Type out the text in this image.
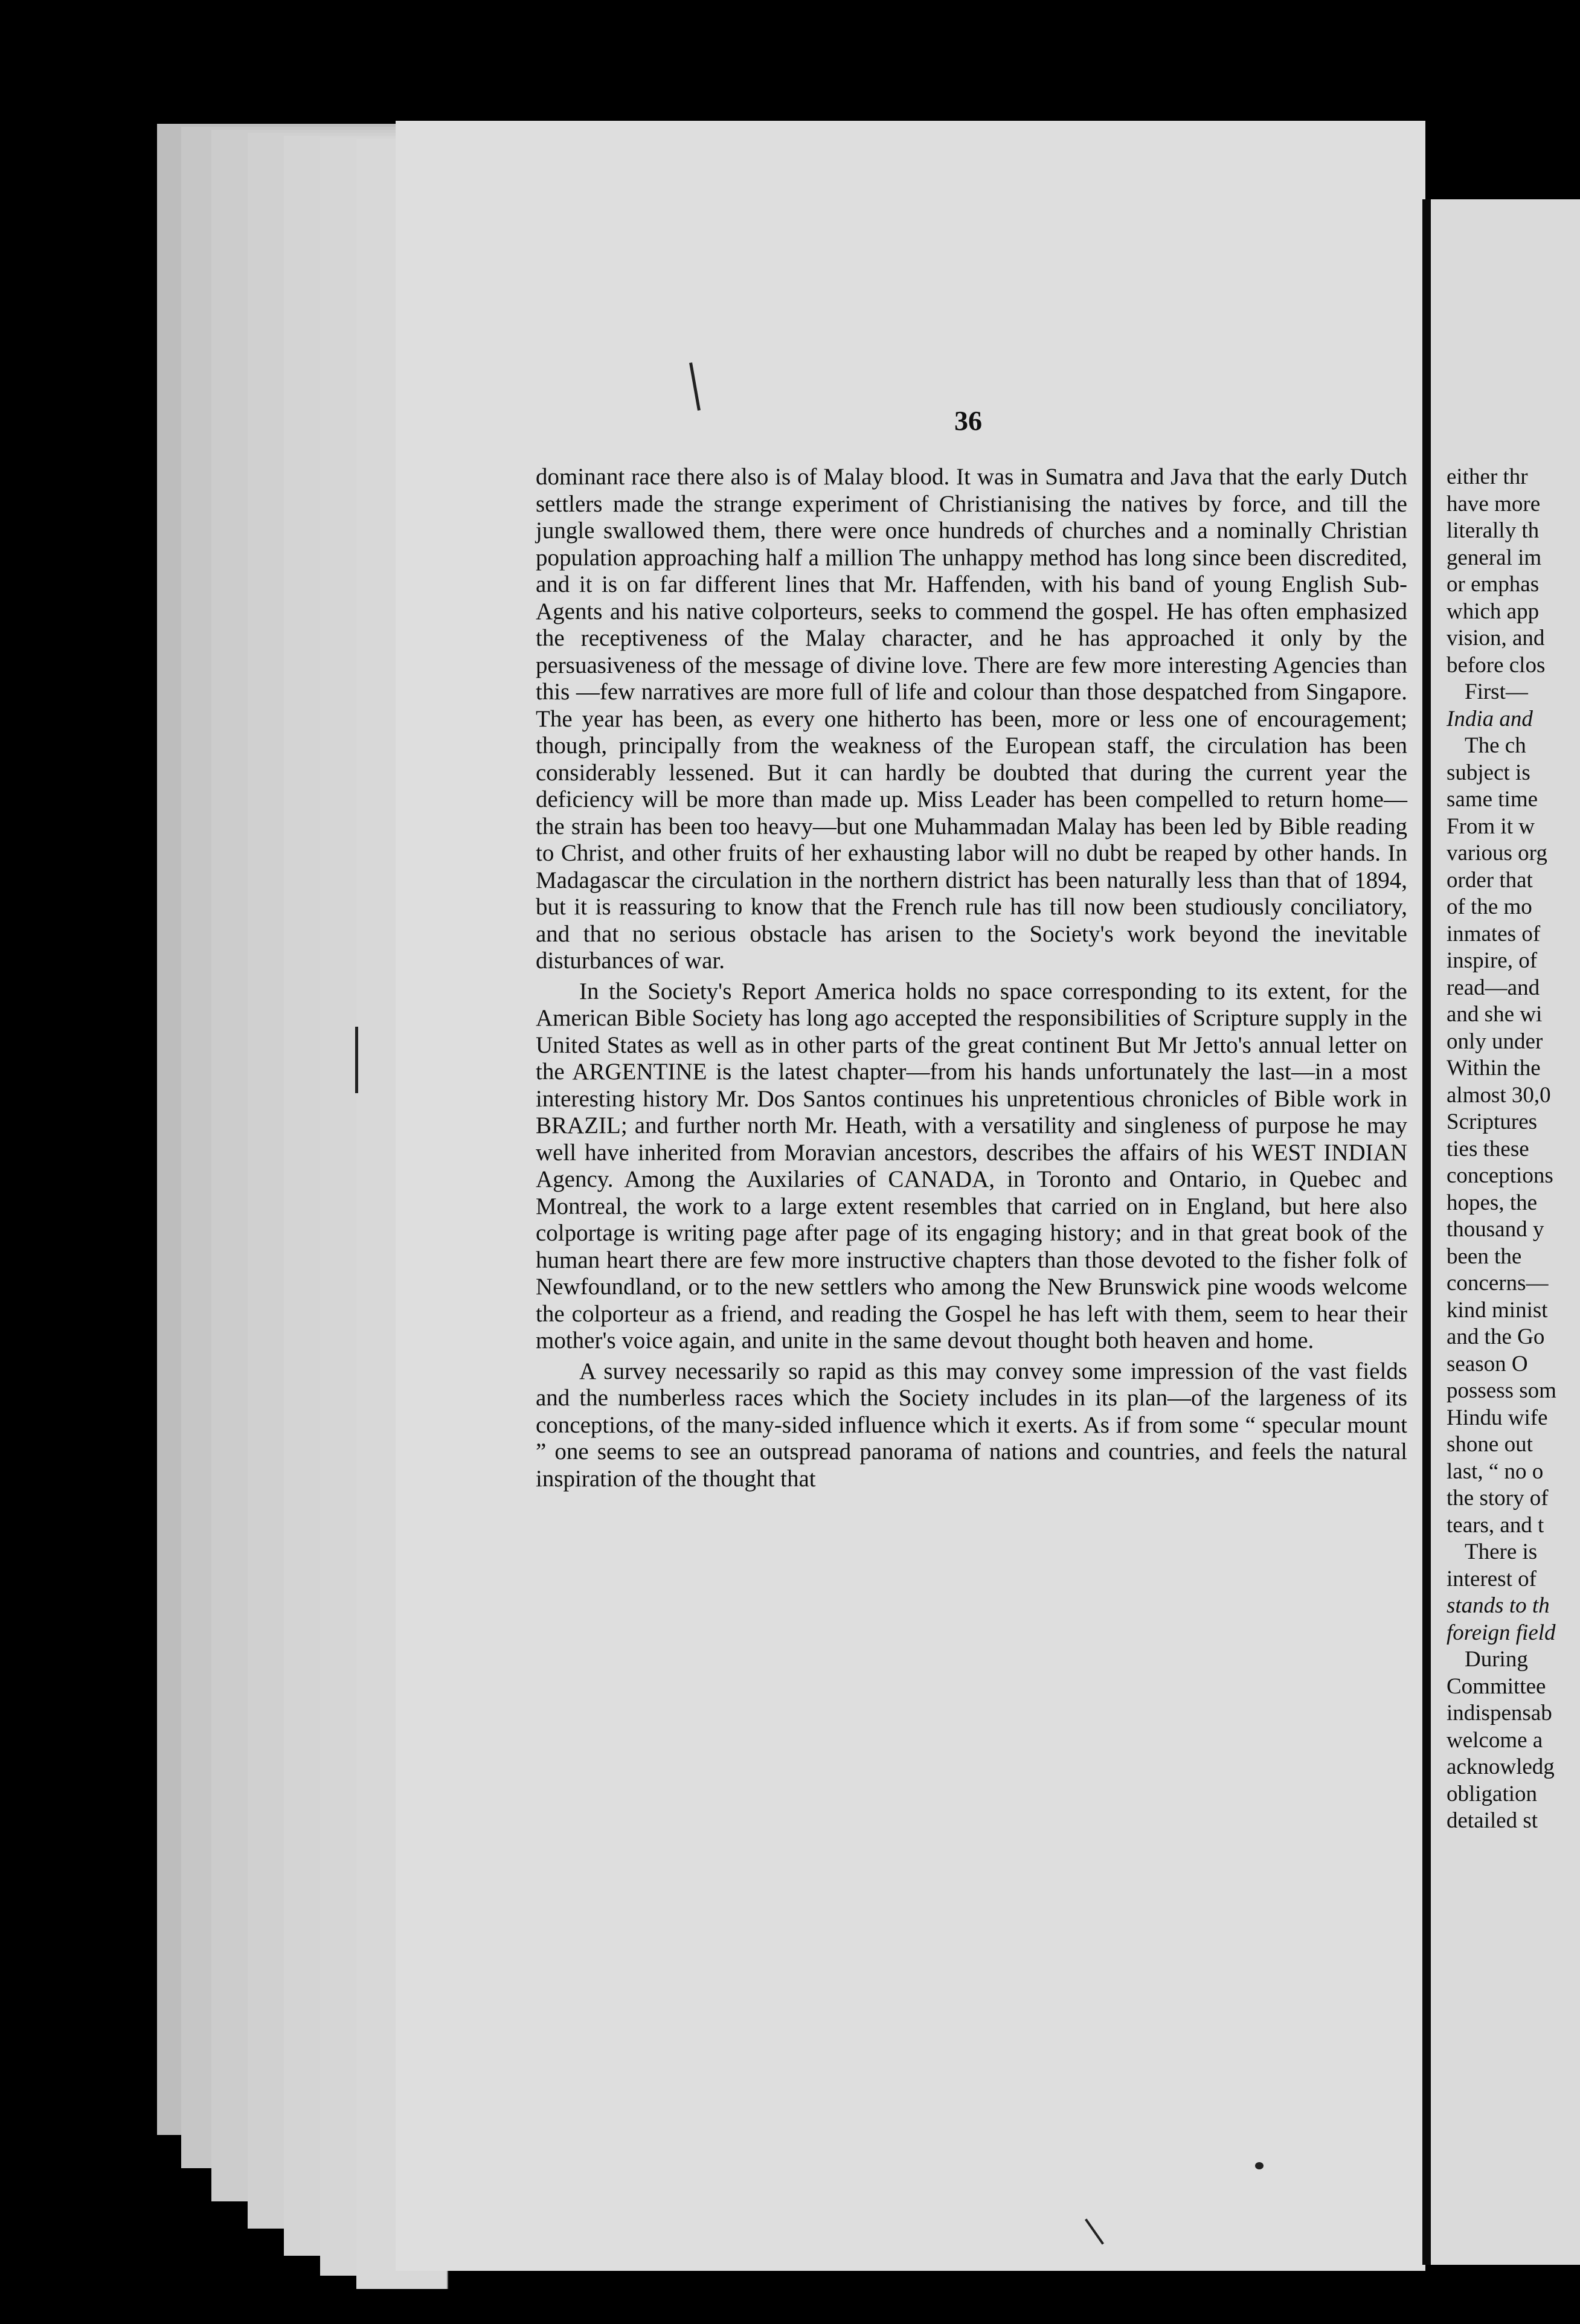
36

dominant race there also is of Malay blood. It was in Sumatra and Java that the early Dutch settlers made the strange experiment of Christianising the natives by force, and till the jungle swallowed them, there were once hundreds of churches and a nominally Christian population approaching half a million The unhappy method has long since been discredited, and it is on far different lines that Mr. Haffenden, with his band of young English Sub-Agents and his native colporteurs, seeks to commend the gospel. He has often emphasized the receptiveness of the Malay character, and he has approached it only by the persuasiveness of the message of divine love. There are few more interesting Agencies than this —few narratives are more full of life and colour than those despatched from Singapore. The year has been, as every one hitherto has been, more or less one of encouragement; though, principally from the weakness of the European staff, the circulation has been considerably lessened. But it can hardly be doubted that during the current year the deficiency will be more than made up. Miss Leader has been compelled to return home—the strain has been too heavy—but one Muhammadan Malay has been led by Bible reading to Christ, and other fruits of her exhausting labor will no dubt be reaped by other hands. In Madagascar the circulation in the northern district has been naturally less than that of 1894, but it is reassuring to know that the French rule has till now been studiously conciliatory, and that no serious obstacle has arisen to the Society's work beyond the inevitable disturbances of war.

In the Society's Report America holds no space corresponding to its extent, for the American Bible Society has long ago accepted the responsibilities of Scripture supply in the United States as well as in other parts of the great continent But Mr Jetto's annual letter on the ARGENTINE is the latest chapter—from his hands unfortunately the last—in a most interesting history Mr. Dos Santos continues his unpretentious chronicles of Bible work in BRAZIL; and further north Mr. Heath, with a versatility and singleness of purpose he may well have inherited from Moravian ancestors, describes the affairs of his WEST INDIAN Agency. Among the Auxilaries of CANADA, in Toronto and Ontario, in Quebec and Montreal, the work to a large extent resembles that carried on in England, but here also colportage is writing page after page of its engaging history; and in that great book of the human heart there are few more instructive chapters than those devoted to the fisher folk of Newfoundland, or to the new settlers who among the New Brunswick pine woods welcome the colporteur as a friend, and reading the Gospel he has left with them, seem to hear their mother's voice again, and unite in the same devout thought both heaven and home.

A survey necessarily so rapid as this may convey some impression of the vast fields and the numberless races which the Society includes in its plan—of the largeness of its conceptions, of the many-sided influence which it exerts. As if from some “ specular mount ” one seems to see an outspread panorama of nations and countries, and feels the natural inspiration of the thought that

either thr
have more
literally th
general im
or emphas
which app
vision, and
before clos
First—
India and
The ch
subject is
same time
From it w
various org
order that
of the mo
inmates of
inspire, of
read—and
and she wi
only under
Within the
almost 30,0
Scriptures
ties these
conceptions
hopes, the
thousand y
been the
concerns—
kind minist
and the Go
season O
possess som
Hindu wife
shone out
last, “ no o
the story of
tears, and t
There is
interest of
stands to th
foreign field
During
Committee
indispensab
welcome a
acknowledg
obligation
detailed st
